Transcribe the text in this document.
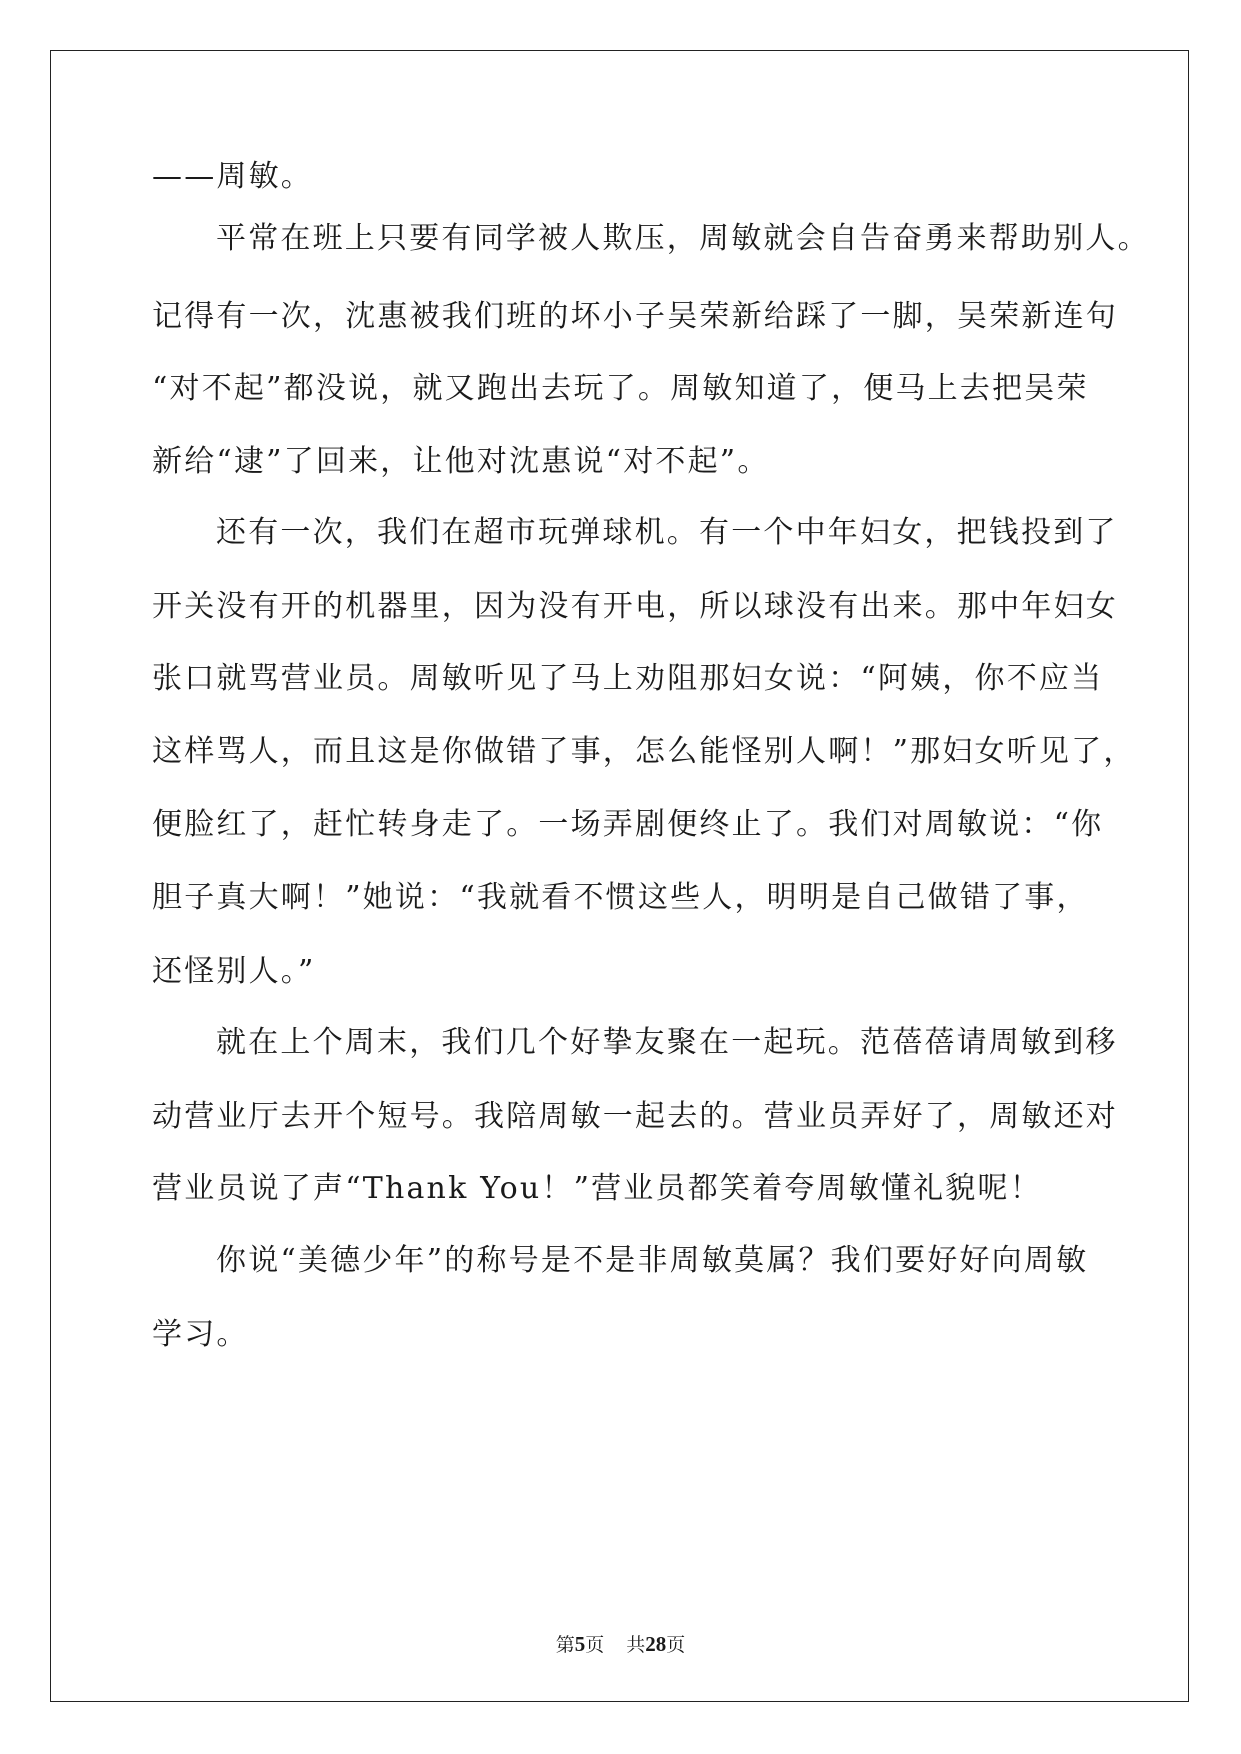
——周敏。
平常在班上只要有同学被人欺压，周敏就会自告奋勇来帮助别人。
记得有一次，沈惠被我们班的坏小子吴荣新给踩了一脚，吴荣新连句
“对不起”都没说，就又跑出去玩了。周敏知道了，便马上去把吴荣
新给“逮”了回来，让他对沈惠说“对不起”。
还有一次，我们在超市玩弹球机。有一个中年妇女，把钱投到了
开关没有开的机器里，因为没有开电，所以球没有出来。那中年妇女
张口就骂营业员。周敏听见了马上劝阻那妇女说：“阿姨，你不应当
这样骂人，而且这是你做错了事，怎么能怪别人啊！”那妇女听见了，
便脸红了，赶忙转身走了。一场弄剧便终止了。我们对周敏说：“你
胆子真大啊！”她说：“我就看不惯这些人，明明是自己做错了事，
还怪别人。”
就在上个周末，我们几个好挚友聚在一起玩。范蓓蓓请周敏到移
动营业厅去开个短号。我陪周敏一起去的。营业员弄好了，周敏还对
营业员说了声“Thank You！”营业员都笑着夸周敏懂礼貌呢！
你说“美德少年”的称号是不是非周敏莫属？我们要好好向周敏
学习。
第5页 共28页
